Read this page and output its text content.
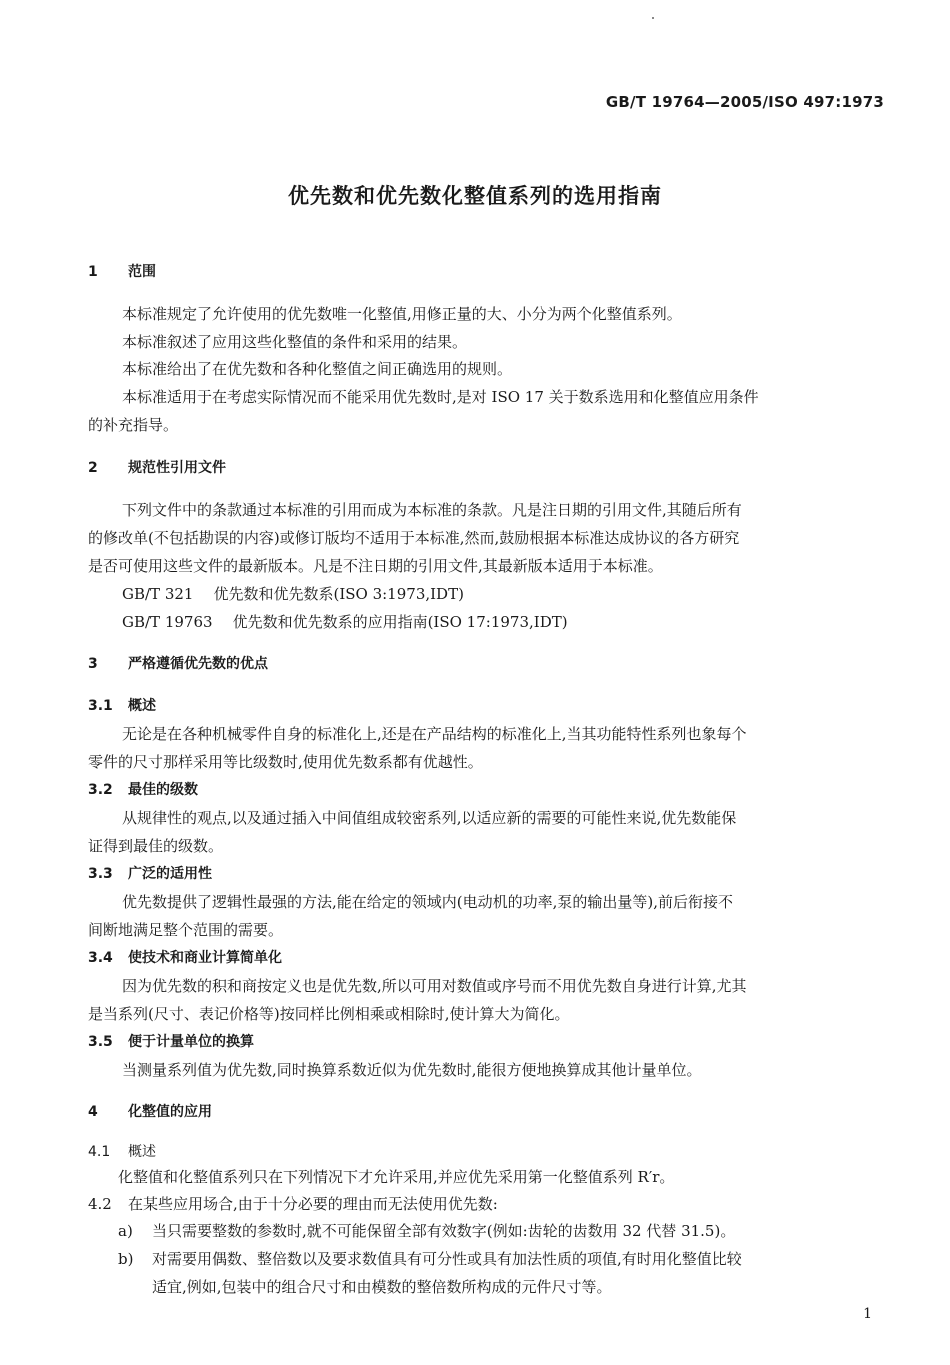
GB/T 19764—2005/ISO 497:1973
优先数和优先数化整值系列的选用指南
1 范围
本标准规定了允许使用的优先数唯一化整值,用修正量的大、小分为两个化整值系列。
本标准叙述了应用这些化整值的条件和采用的结果。
本标准给出了在优先数和各种化整值之间正确选用的规则。
本标准适用于在考虑实际情况而不能采用优先数时,是对 ISO 17 关于数系选用和化整值应用条件
的补充指导。
2 规范性引用文件
下列文件中的条款通过本标准的引用而成为本标准的条款。凡是注日期的引用文件,其随后所有
的修改单(不包括勘误的内容)或修订版均不适用于本标准,然而,鼓励根据本标准达成协议的各方研究
是否可使用这些文件的最新版本。凡是不注日期的引用文件,其最新版本适用于本标准。
GB/T 321 优先数和优先数系(ISO 3:1973,IDT)
GB/T 19763 优先数和优先数系的应用指南(ISO 17:1973,IDT)
3 严格遵循优先数的优点
3.1 概述
无论是在各种机械零件自身的标准化上,还是在产品结构的标准化上,当其功能特性系列也象每个
零件的尺寸那样采用等比级数时,使用优先数系都有优越性。
3.2 最佳的级数
从规律性的观点,以及通过插入中间值组成较密系列,以适应新的需要的可能性来说,优先数能保
证得到最佳的级数。
3.3 广泛的适用性
优先数提供了逻辑性最强的方法,能在给定的领域内(电动机的功率,泵的输出量等),前后衔接不
间断地满足整个范围的需要。
3.4 使技术和商业计算简单化
因为优先数的积和商按定义也是优先数,所以可用对数值或序号而不用优先数自身进行计算,尤其
是当系列(尺寸、表记价格等)按同样比例相乘或相除时,使计算大为简化。
3.5 便于计量单位的换算
当测量系列值为优先数,同时换算系数近似为优先数时,能很方便地换算成其他计量单位。
4 化整值的应用
4.1 概述
化整值和化整值系列只在下列情况下才允许采用,并应优先采用第一化整值系列 R′r。
4.2 在某些应用场合,由于十分必要的理由而无法使用优先数:
a) 当只需要整数的参数时,就不可能保留全部有效数字(例如:齿轮的齿数用 32 代替 31.5)。
b) 对需要用偶数、整倍数以及要求数值具有可分性或具有加法性质的项值,有时用化整值比较
适宜,例如,包装中的组合尺寸和由模数的整倍数所构成的元件尺寸等。
1
